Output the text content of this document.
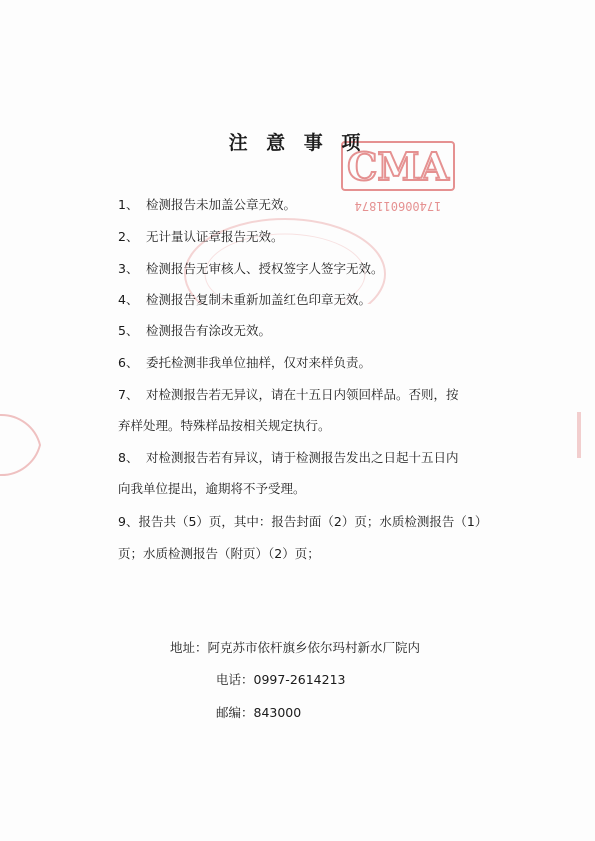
CMA
174006011874
注 意 事 项
1、 检测报告未加盖公章无效。
2、 无计量认证章报告无效。
3、 检测报告无审核人、授权签字人签字无效。
4、 检测报告复制未重新加盖红色印章无效。
5、 检测报告有涂改无效。
6、 委托检测非我单位抽样，仅对来样负责。
7、 对检测报告若无异议，请在十五日内领回样品。否则，按
弃样处理。特殊样品按相关规定执行。
8、 对检测报告若有异议，请于检测报告发出之日起十五日内
向我单位提出，逾期将不予受理。
9、报告共（5）页，其中：报告封面（2）页；水质检测报告（1）
页；水质检测报告（附页）（2）页；
地址：阿克苏市依杆旗乡依尔玛村新水厂院内
电话：0997-2614213
邮编：843000
